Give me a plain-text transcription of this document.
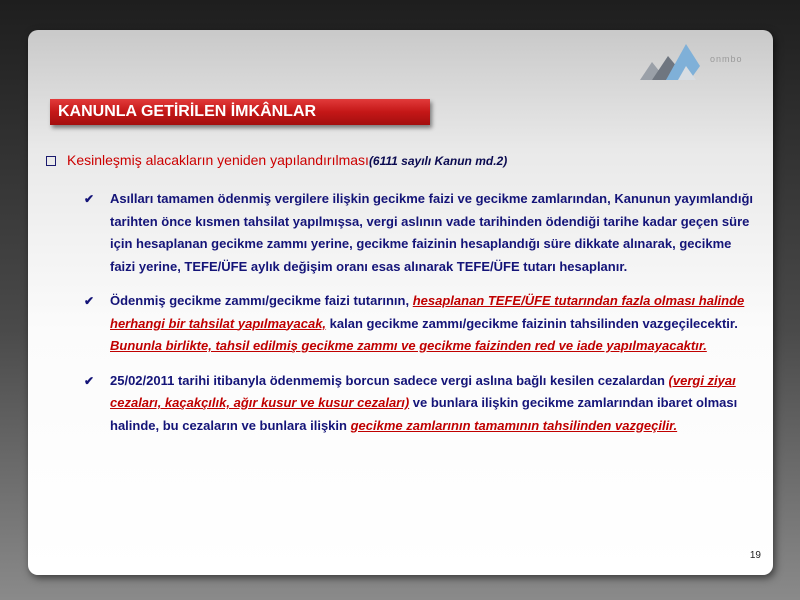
onmbo
KANUNLA GETİRİLEN İMKÂNLAR
Kesinleşmiş alacakların yeniden yapılandırılması(6111 sayılı Kanun md.2)
✔ Asılları tamamen ödenmiş vergilere ilişkin gecikme faizi ve gecikme zamlarından, Kanunun yayımlandığı tarihten önce kısmen tahsilat yapılmışsa, vergi aslının vade tarihinden ödendiği tarihe kadar geçen süre için hesaplanan gecikme zammı yerine, gecikme faizinin hesaplandığı süre dikkate alınarak, gecikme faizi yerine, TEFE/ÜFE aylık değişim oranı esas alınarak TEFE/ÜFE tutarı hesaplanır.
✔ Ödenmiş gecikme zammı/gecikme faizi tutarının, hesaplanan TEFE/ÜFE tutarından fazla olması halinde herhangi bir tahsilat yapılmayacak, kalan gecikme zammı/gecikme faizinin tahsilinden vazgeçilecektir. Bununla birlikte, tahsil edilmiş gecikme zammı ve gecikme faizinden red ve iade yapılmayacaktır.
✔ 25/02/2011 tarihi itibanyla ödenmemiş borcun sadece vergi aslına bağlı kesilen cezalardan (vergi ziyaı cezaları, kaçakçılık, ağır kusur ve kusur cezaları) ve bunlara ilişkin gecikme zamlarından ibaret olması halinde, bu cezaların ve bunlara ilişkin gecikme zamlarının tamamının tahsilinden vazgeçilir.
19
